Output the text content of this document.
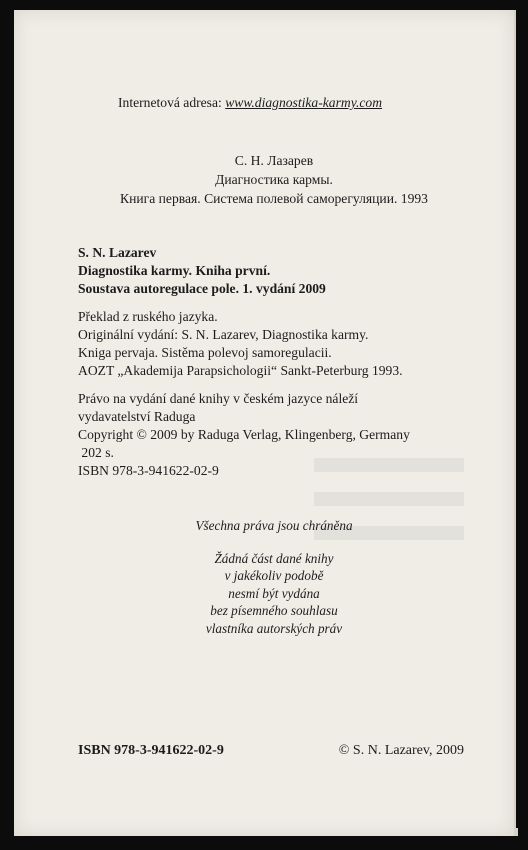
Internetová adresa: www.diagnostika-karmy.com
С. Н. Лазарев
Диагностика кармы.
Книга первая. Система полевой саморегуляции. 1993
S. N. Lazarev
Diagnostika karmy. Kniha první.
Soustava autoregulace pole. 1. vydání 2009
Překlad z ruského jazyka.
Originální vydání: S. N. Lazarev, Diagnostika karmy.
Kniga pervaja. Sistěma polevoj samoregulacii.
AOZT „Akademija Parapsichologii“ Sankt-Peterburg 1993.
Právo na vydání dané knihy v českém jazyce náleží
vydavatelství Raduga
Copyright © 2009 by Raduga Verlag, Klingenberg, Germany
202 s.
ISBN 978-3-941622-02-9
Všechna práva jsou chráněna
Žádná část dané knihy
v jakékoliv podobě
nesmí být vydána
bez písemného souhlasu
vlastníka autorských práv
ISBN 978-3-941622-02-9	© S. N. Lazarev, 2009
